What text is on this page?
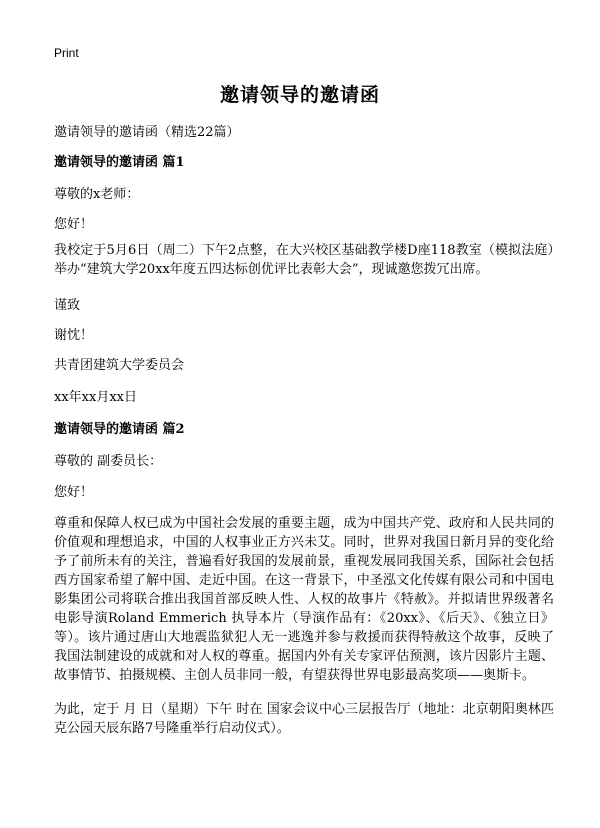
Print
邀请领导的邀请函
邀请领导的邀请函（精选22篇）
邀请领导的邀请函 篇1
尊敬的x老师：
您好！
我校定于5月6日（周二）下午2点整，在大兴校区基础教学楼D座118教室（模拟法庭）举办“建筑大学20xx年度五四达标创优评比表彰大会”，现诚邀您拨冗出席。
谨致
谢忱！
共青团建筑大学委员会
xx年xx月xx日
邀请领导的邀请函 篇2
尊敬的 副委员长：
您好！
尊重和保障人权已成为中国社会发展的重要主题，成为中国共产党、政府和人民共同的价值观和理想追求，中国的人权事业正方兴未艾。同时，世界对我国日新月异的变化给予了前所未有的关注，普遍看好我国的发展前景，重视发展同我国关系，国际社会包括西方国家希望了解中国、走近中国。在这一背景下，中圣泓文化传媒有限公司和中国电影集团公司将联合推出我国首部反映人性、人权的故事片《特赦》。并拟请世界级著名电影导演Roland Emmerich 执导本片（导演作品有：《20xx》、《后天》、《独立日》等）。该片通过唐山大地震监狱犯人无一逃逸并参与救援而获得特赦这个故事，反映了我国法制建设的成就和对人权的尊重。据国内外有关专家评估预测，该片因影片主题、故事情节、拍摄规模、主创人员非同一般，有望获得世界电影最高奖项——奥斯卡。
为此，定于 月 日（星期）下午 时在 国家会议中心三层报告厅（地址：北京朝阳奥林匹克公园天辰东路7号隆重举行启动仪式）。
